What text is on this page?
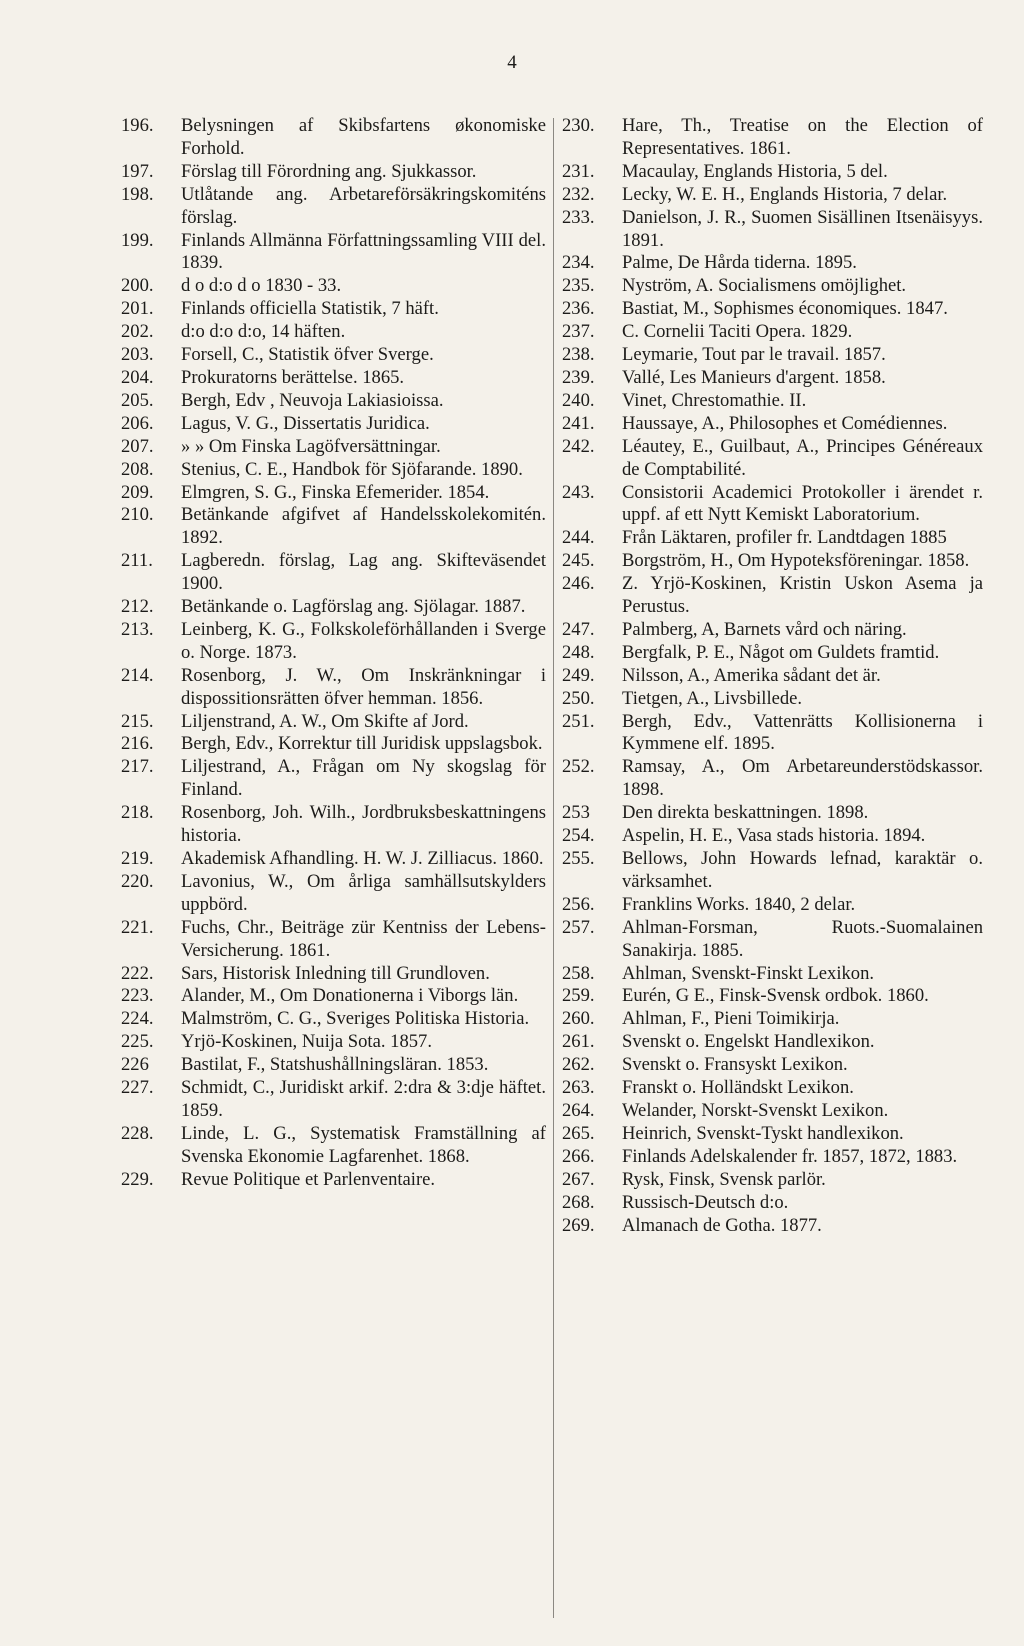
4
196.	Belysningen af Skibsfartens økonomiske Forhold.
197.	Förslag till Förordning ang. Sjukkassor.
198.	Utlåtande ang. Arbetareförsäkringskomiténs förslag.
199.	Finlands Allmänna Författningssamling VIII del. 1839.
200.	d o d:o d o 1830 - 33.
201.	Finlands officiella Statistik, 7 häft.
202.	d:o d:o d:o, 14 häften.
203.	Forsell, C., Statistik öfver Sverge.
204.	Prokuratorns berättelse. 1865.
205.	Bergh, Edv , Neuvoja Lakiasioissa.
206.	Lagus, V. G., Dissertatis Juridica.
207.	» » Om Finska Lagöfversättningar.
208.	Stenius, C. E., Handbok för Sjöfarande. 1890.
209.	Elmgren, S. G., Finska Efemerider. 1854.
210.	Betänkande afgifvet af Handelsskolekomitén. 1892.
211.	Lagberedn. förslag, Lag ang. Skifteväsendet 1900.
212.	Betänkande o. Lagförslag ang. Sjölagar. 1887.
213.	Leinberg, K. G., Folkskoleförhållanden i Sverge o. Norge. 1873.
214.	Rosenborg, J. W., Om Inskränkningar i dispossitionsrätten öfver hemman. 1856.
215.	Liljenstrand, A. W., Om Skifte af Jord.
216.	Bergh, Edv., Korrektur till Juridisk uppslagsbok.
217.	Liljestrand, A., Frågan om Ny skogslag för Finland.
218.	Rosenborg, Joh. Wilh., Jordbruksbeskattningens historia.
219.	Akademisk Afhandling. H. W. J. Zilliacus. 1860.
220.	Lavonius, W., Om årliga samhällsutskylders uppbörd.
221.	Fuchs, Chr., Beiträge zür Kentniss der Lebens-Versicherung. 1861.
222.	Sars, Historisk Inledning till Grundloven.
223.	Alander, M., Om Donationerna i Viborgs län.
224.	Malmström, C. G., Sveriges Politiska Historia.
225.	Yrjö-Koskinen, Nuija Sota. 1857.
226	Bastilat, F., Statshushållningsläran. 1853.
227.	Schmidt, C., Juridiskt arkif. 2:dra & 3:dje häftet. 1859.
228.	Linde, L. G., Systematisk Framställning af Svenska Ekonomie Lagfarenhet. 1868.
229.	Revue Politique et Parlenventaire.
230.	Hare, Th., Treatise on the Election of Representatives. 1861.
231.	Macaulay, Englands Historia, 5 del.
232.	Lecky, W. E. H., Englands Historia, 7 delar.
233.	Danielson, J. R., Suomen Sisällinen Itsenäisyys. 1891.
234.	Palme, De Hårda tiderna. 1895.
235.	Nyström, A. Socialismens omöjlighet.
236.	Bastiat, M., Sophismes économiques. 1847.
237.	C. Cornelii Taciti Opera. 1829.
238.	Leymarie, Tout par le travail. 1857.
239.	Vallé, Les Manieurs d'argent. 1858.
240.	Vinet, Chrestomathie. II.
241.	Haussaye, A., Philosophes et Comédiennes.
242.	Léautey, E., Guilbaut, A., Principes Généreaux de Comptabilité.
243.	Consistorii Academici Protokoller i ärendet r. uppf. af ett Nytt Kemiskt Laboratorium.
244.	Från Läktaren, profiler fr. Landtdagen 1885
245.	Borgström, H., Om Hypoteksföreningar. 1858.
246.	Z. Yrjö-Koskinen, Kristin Uskon Asema ja Perustus.
247.	Palmberg, A, Barnets vård och näring.
248.	Bergfalk, P. E., Något om Guldets framtid.
249.	Nilsson, A., Amerika sådant det är.
250.	Tietgen, A., Livsbillede.
251.	Bergh, Edv., Vattenrätts Kollisionerna i Kymmene elf. 1895.
252.	Ramsay, A., Om Arbetareunderstödskassor. 1898.
253	Den direkta beskattningen. 1898.
254.	Aspelin, H. E., Vasa stads historia. 1894.
255.	Bellows, John Howards lefnad, karaktär o. värksamhet.
256.	Franklins Works. 1840, 2 delar.
257.	Ahlman-Forsman, Ruots.-Suomalainen Sanakirja. 1885.
258.	Ahlman, Svenskt-Finskt Lexikon.
259.	Eurén, G E., Finsk-Svensk ordbok. 1860.
260.	Ahlman, F., Pieni Toimikirja.
261.	Svenskt o. Engelskt Handlexikon.
262.	Svenskt o. Fransyskt Lexikon.
263.	Franskt o. Holländskt Lexikon.
264.	Welander, Norskt-Svenskt Lexikon.
265.	Heinrich, Svenskt-Tyskt handlexikon.
266.	Finlands Adelskalender fr. 1857, 1872, 1883.
267.	Rysk, Finsk, Svensk parlör.
268.	Russisch-Deutsch d:o.
269.	Almanach de Gotha. 1877.
